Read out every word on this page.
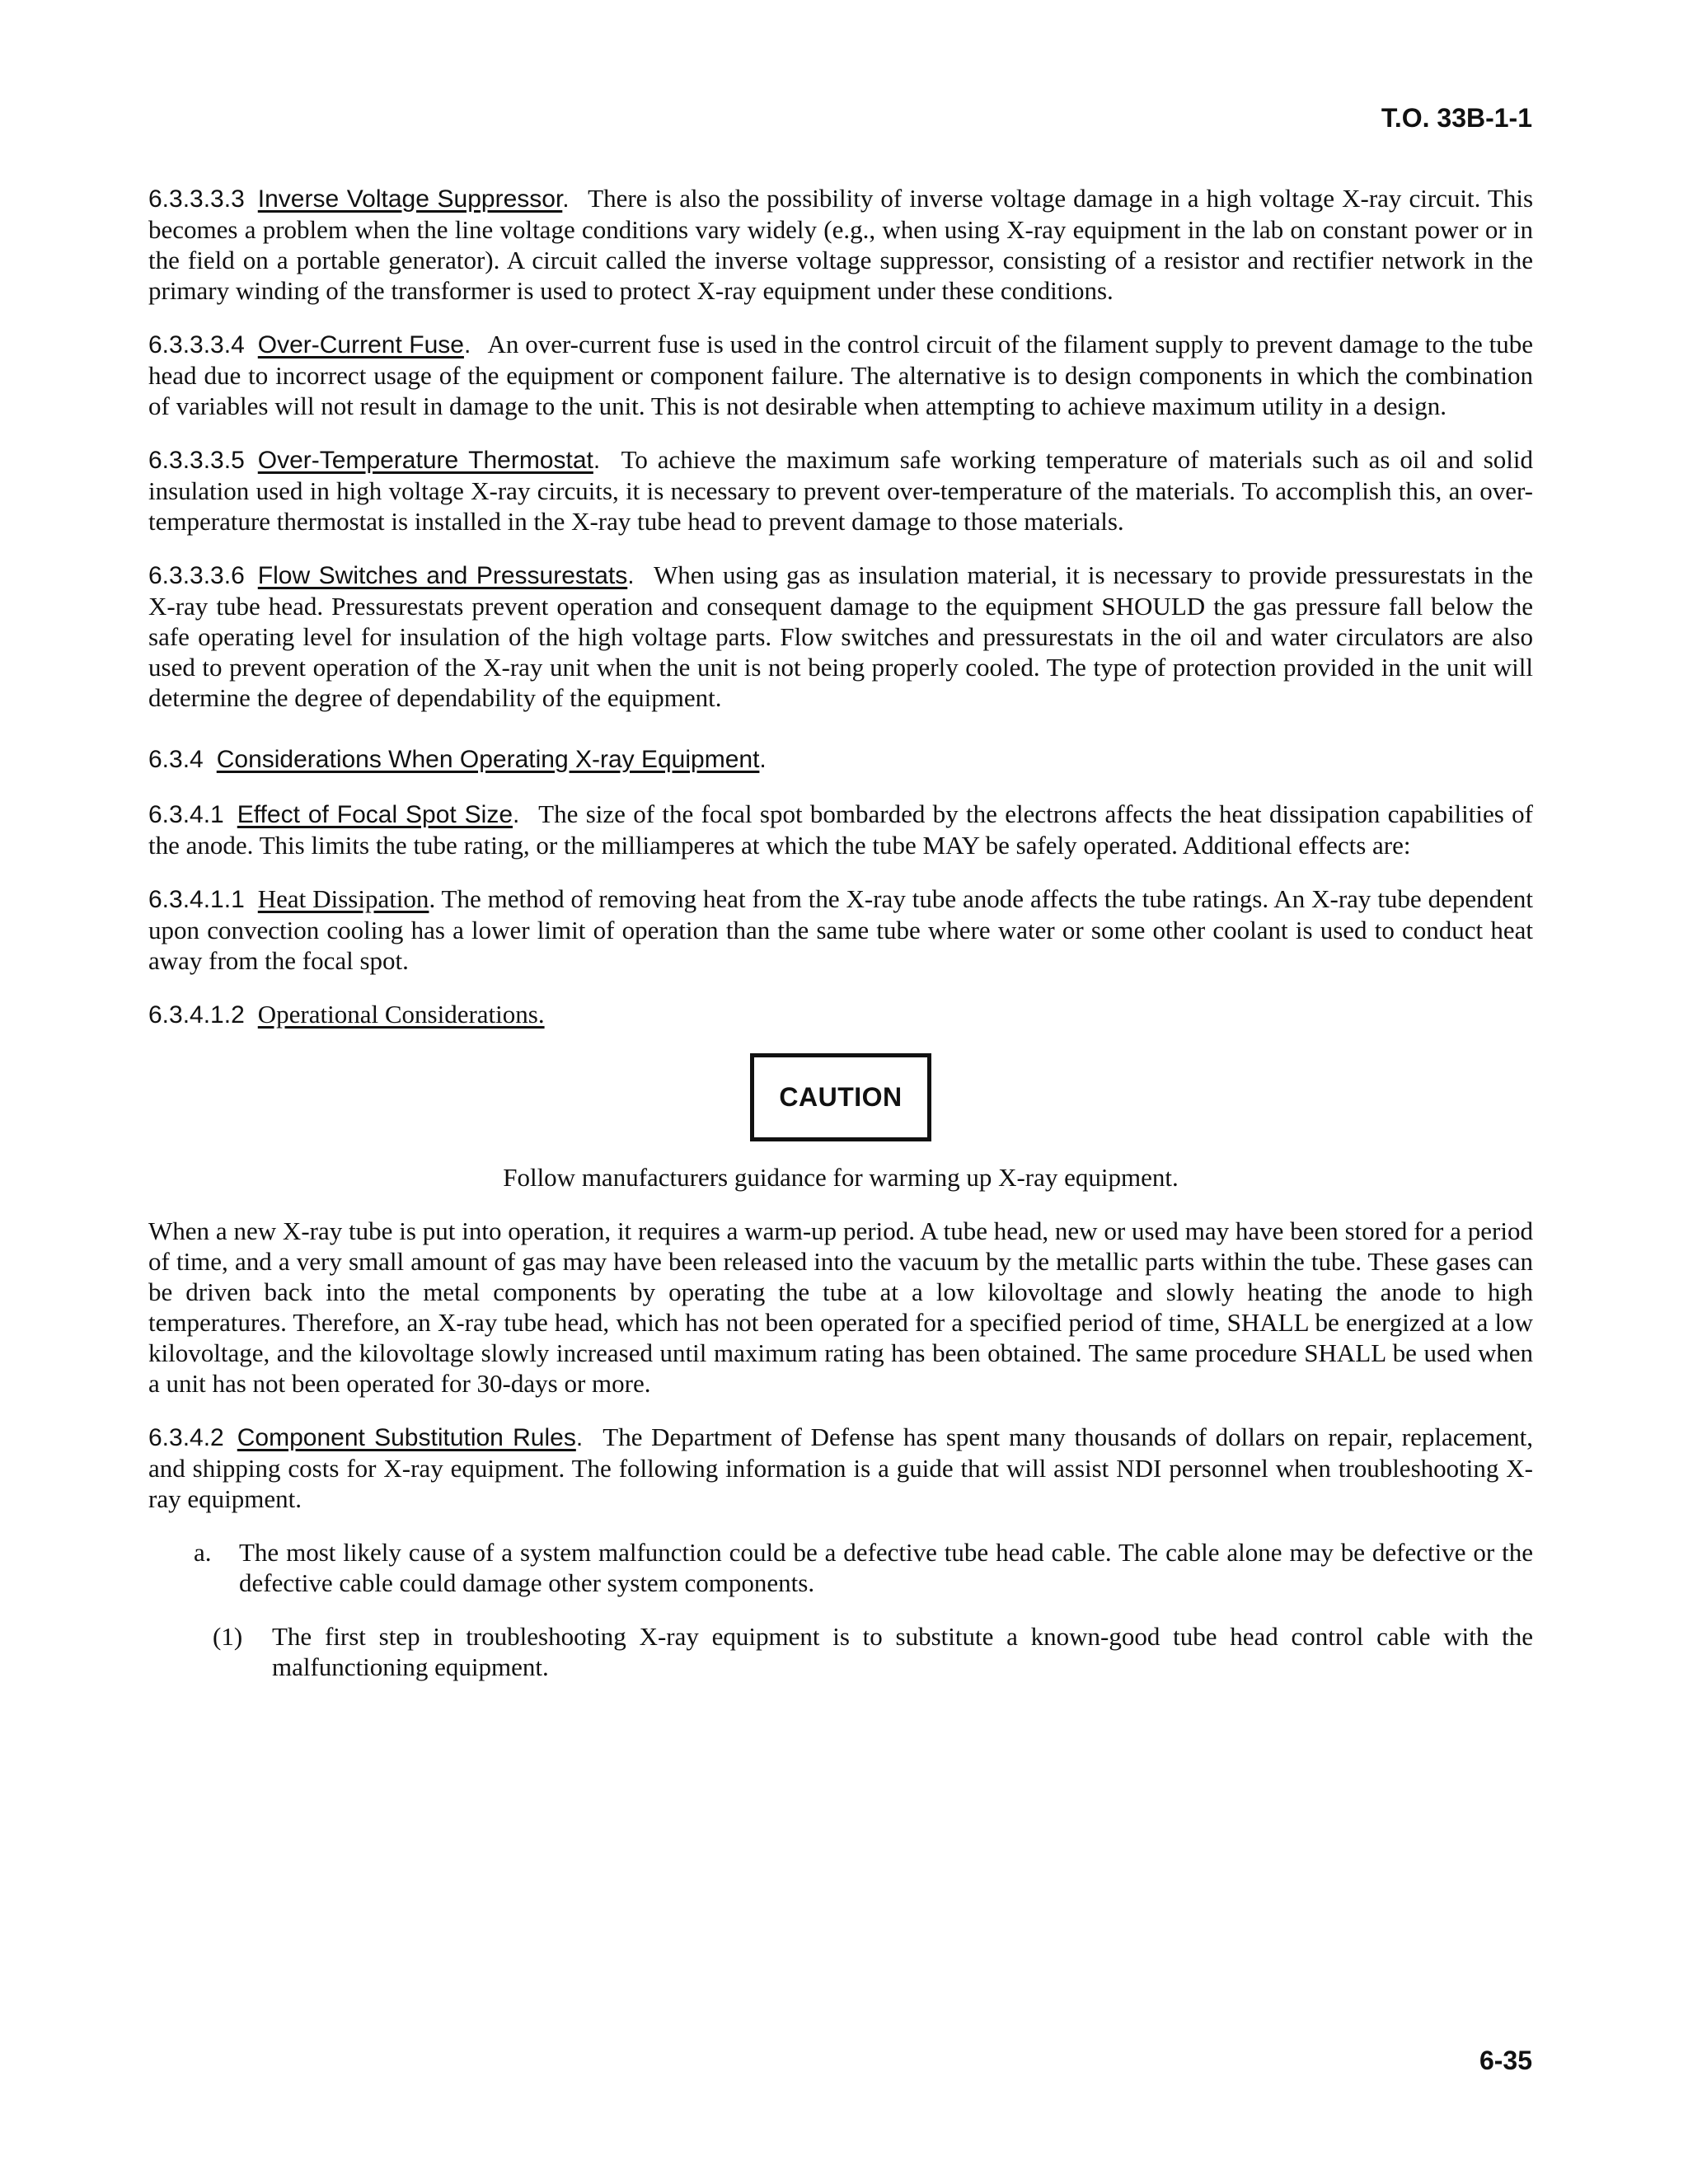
T.O. 33B-1-1

6.3.3.3.3 Inverse Voltage Suppressor. There is also the possibility of inverse voltage damage in a high voltage X-ray circuit. This becomes a problem when the line voltage conditions vary widely (e.g., when using X-ray equipment in the lab on constant power or in the field on a portable generator). A circuit called the inverse voltage suppressor, consisting of a resistor and rectifier network in the primary winding of the transformer is used to protect X-ray equipment under these conditions.

6.3.3.3.4 Over-Current Fuse. An over-current fuse is used in the control circuit of the filament supply to prevent damage to the tube head due to incorrect usage of the equipment or component failure. The alternative is to design components in which the combination of variables will not result in damage to the unit. This is not desirable when attempting to achieve maximum utility in a design.

6.3.3.3.5 Over-Temperature Thermostat. To achieve the maximum safe working temperature of materials such as oil and solid insulation used in high voltage X-ray circuits, it is necessary to prevent over-temperature of the materials. To accomplish this, an over-temperature thermostat is installed in the X-ray tube head to prevent damage to those materials.

6.3.3.3.6 Flow Switches and Pressurestats. When using gas as insulation material, it is necessary to provide pressurestats in the X-ray tube head. Pressurestats prevent operation and consequent damage to the equipment SHOULD the gas pressure fall below the safe operating level for insulation of the high voltage parts. Flow switches and pressurestats in the oil and water circulators are also used to prevent operation of the X-ray unit when the unit is not being properly cooled. The type of protection provided in the unit will determine the degree of dependability of the equipment.

6.3.4 Considerations When Operating X-ray Equipment.

6.3.4.1 Effect of Focal Spot Size. The size of the focal spot bombarded by the electrons affects the heat dissipation capabilities of the anode. This limits the tube rating, or the milliamperes at which the tube MAY be safely operated. Additional effects are:

6.3.4.1.1 Heat Dissipation. The method of removing heat from the X-ray tube anode affects the tube ratings. An X-ray tube dependent upon convection cooling has a lower limit of operation than the same tube where water or some other coolant is used to conduct heat away from the focal spot.

6.3.4.1.2 Operational Considerations.

CAUTION

Follow manufacturers guidance for warming up X-ray equipment.

When a new X-ray tube is put into operation, it requires a warm-up period. A tube head, new or used may have been stored for a period of time, and a very small amount of gas may have been released into the vacuum by the metallic parts within the tube. These gases can be driven back into the metal components by operating the tube at a low kilovoltage and slowly heating the anode to high temperatures. Therefore, an X-ray tube head, which has not been operated for a specified period of time, SHALL be energized at a low kilovoltage, and the kilovoltage slowly increased until maximum rating has been obtained. The same procedure SHALL be used when a unit has not been operated for 30-days or more.

6.3.4.2 Component Substitution Rules. The Department of Defense has spent many thousands of dollars on repair, replacement, and shipping costs for X-ray equipment. The following information is a guide that will assist NDI personnel when troubleshooting X-ray equipment.

a.	The most likely cause of a system malfunction could be a defective tube head cable. The cable alone may be defective or the defective cable could damage other system components.
(1)	The first step in troubleshooting X-ray equipment is to substitute a known-good tube head control cable with the malfunctioning equipment.
6-35
